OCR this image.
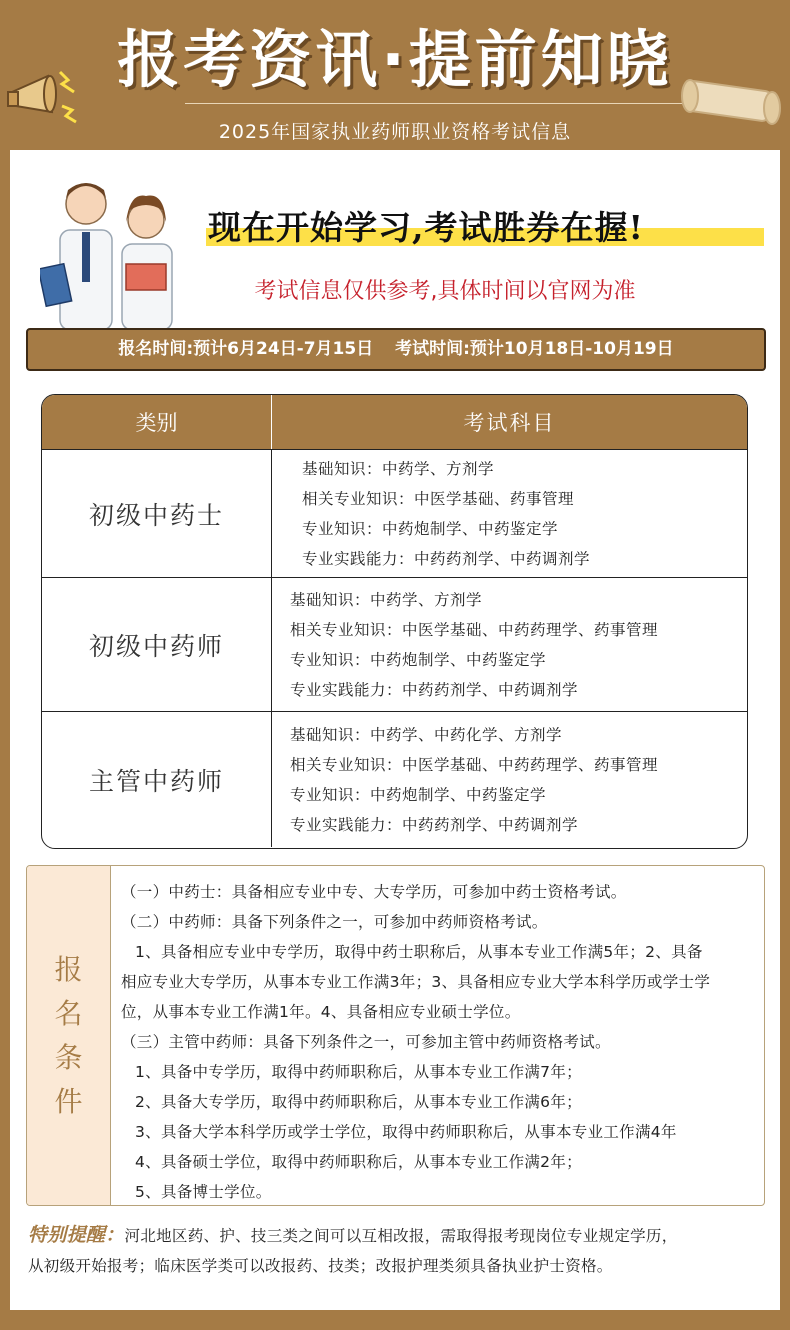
报考资讯·提前知晓
2025年国家执业药师职业资格考试信息
现在开始学习,考试胜券在握!
考试信息仅供参考,具体时间以官网为准
报名时间:预计6月24日-7月15日 考试时间:预计10月18日-10月19日
类别	考试科目
初级中药士
基础知识：中药学、方剂学
相关专业知识：中医学基础、药事管理
专业知识：中药炮制学、中药鉴定学
专业实践能力：中药药剂学、中药调剂学
初级中药师
基础知识：中药学、方剂学
相关专业知识：中医学基础、中药药理学、药事管理
专业知识：中药炮制学、中药鉴定学
专业实践能力：中药药剂学、中药调剂学
主管中药师
基础知识：中药学、中药化学、方剂学
相关专业知识：中医学基础、中药药理学、药事管理
专业知识：中药炮制学、中药鉴定学
专业实践能力：中药药剂学、中药调剂学
报
名
条
件
（一）中药士：具备相应专业中专、大专学历，可参加中药士资格考试。
（二）中药师：具备下列条件之一，可参加中药师资格考试。
1、具备相应专业中专学历，取得中药士职称后，从事本专业工作满5年；2、具备
相应专业大专学历，从事本专业工作满3年；3、具备相应专业大学本科学历或学士学
位，从事本专业工作满1年。4、具备相应专业硕士学位。
（三）主管中药师：具备下列条件之一，可参加主管中药师资格考试。
1、具备中专学历，取得中药师职称后，从事本专业工作满7年；
2、具备大专学历，取得中药师职称后，从事本专业工作满6年；
3、具备大学本科学历或学士学位，取得中药师职称后，从事本专业工作满4年
4、具备硕士学位，取得中药师职称后，从事本专业工作满2年；
5、具备博士学位。
特别提醒：河北地区药、护、技三类之间可以互相改报，需取得报考现岗位专业规定学历，
从初级开始报考；临床医学类可以改报药、技类；改报护理类须具备执业护士资格。
